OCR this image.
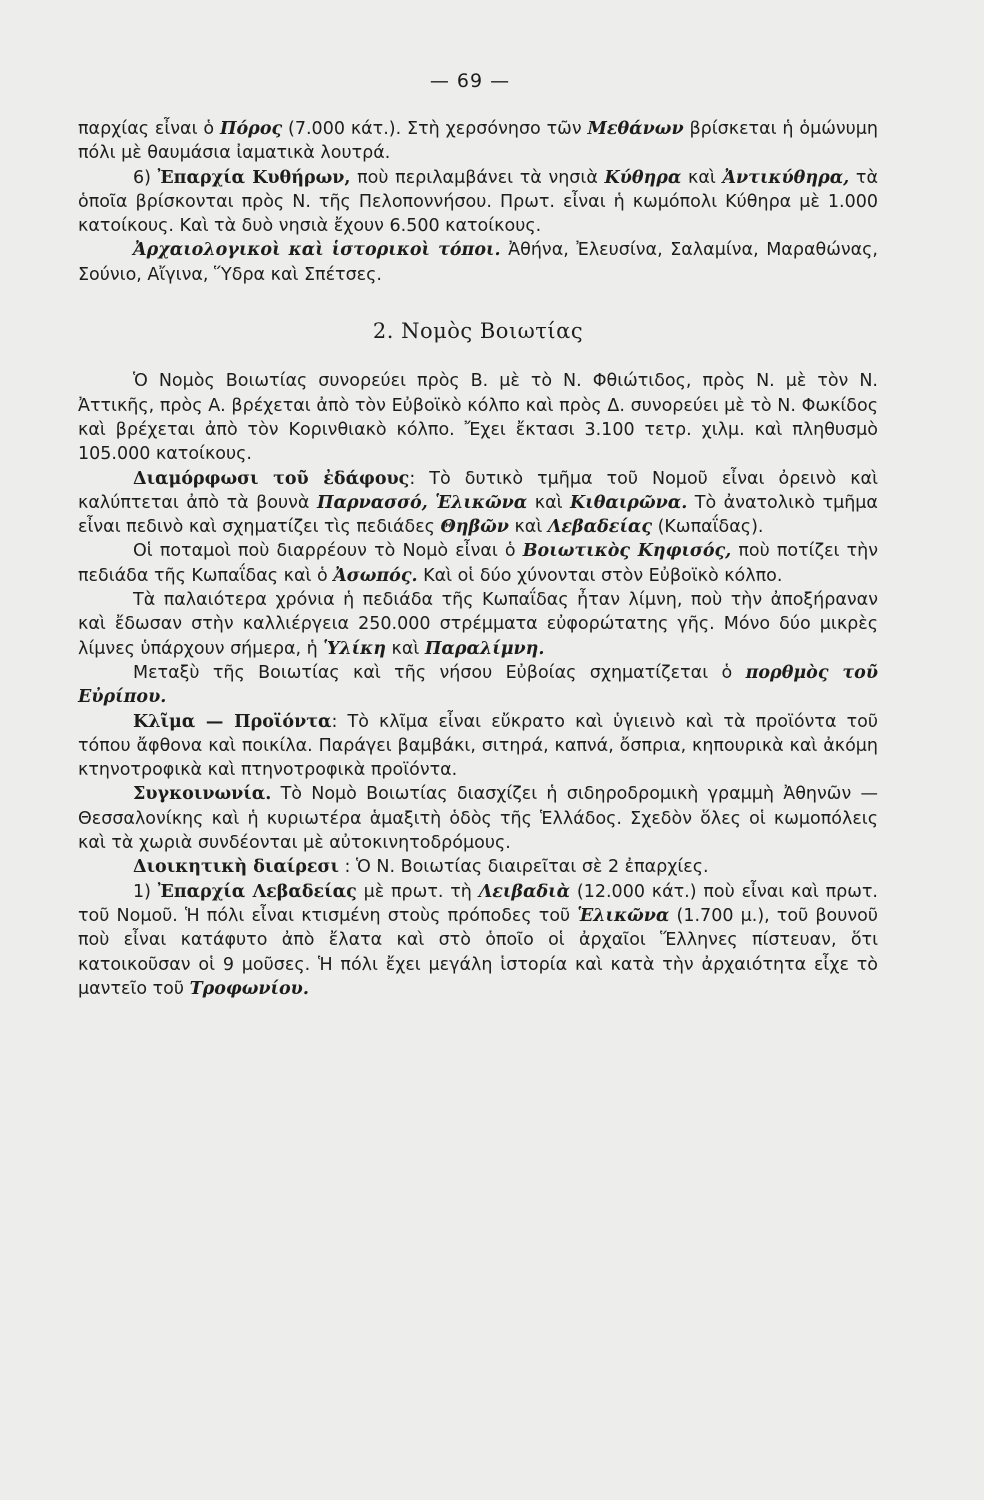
— 69 —

παρχίας εἶναι ὁ Πόρος (7.000 κάτ.). Στὴ χερσόνησο τῶν Μεθάνων βρίσκεται ἡ ὁμώνυμη πόλι μὲ θαυμάσια ἰαματικὰ λουτρά.

6) Ἐπαρχία Κυθήρων, ποὺ περιλαμβάνει τὰ νησιὰ Κύθηρα καὶ Ἀντικύθηρα, τὰ ὁποῖα βρίσκονται πρὸς Ν. τῆς Πελοποννήσου. Πρωτ. εἶναι ἡ κωμόπολι Κύθηρα μὲ 1.000 κατοίκους. Καὶ τὰ δυὸ νησιὰ ἔχουν 6.500 κατοίκους.

Ἀρχαιολογικοὶ καὶ ἱστορικοὶ τόποι. Ἀθήνα, Ἐλευσίνα, Σαλαμίνα, Μαραθώνας, Σούνιο, Αἴγινα, Ὕδρα καὶ Σπέτσες.

2. Νομὸς Βοιωτίας

Ὁ Νομὸς Βοιωτίας συνορεύει πρὸς Β. μὲ τὸ Ν. Φθιώτιδος, πρὸς Ν. μὲ τὸν Ν. Ἀττικῆς, πρὸς Α. βρέχεται ἀπὸ τὸν Εὐβοϊκὸ κόλπο καὶ πρὸς Δ. συνορεύει μὲ τὸ Ν. Φωκίδος καὶ βρέχεται ἀπὸ τὸν Κορινθιακὸ κόλπο. Ἔχει ἔκτασι 3.100 τετρ. χιλμ. καὶ πληθυσμὸ 105.000 κατοίκους.

Διαμόρφωσι τοῦ ἐδάφους: Τὸ δυτικὸ τμῆμα τοῦ Νομοῦ εἶναι ὀρεινὸ καὶ καλύπτεται ἀπὸ τὰ βουνὰ Παρνασσό, Ἑλικῶνα καὶ Κιθαιρῶνα. Τὸ ἀνατολικὸ τμῆμα εἶναι πεδινὸ καὶ σχηματίζει τὶς πεδιάδες Θηβῶν καὶ Λεβαδείας (Κωπαΐδας).

Οἱ ποταμοὶ ποὺ διαρρέουν τὸ Νομὸ εἶναι ὁ Βοιωτικὸς Κηφισός, ποὺ ποτίζει τὴν πεδιάδα τῆς Κωπαΐδας καὶ ὁ Ἀσωπός. Καὶ οἱ δύο χύνονται στὸν Εὐβοϊκὸ κόλπο.

Τὰ παλαιότερα χρόνια ἡ πεδιάδα τῆς Κωπαΐδας ἦταν λίμνη, ποὺ τὴν ἀποξήραναν καὶ ἔδωσαν στὴν καλλιέργεια 250.000 στρέμματα εὐφορώτατης γῆς. Μόνο δύο μικρὲς λίμνες ὑπάρχουν σήμερα, ἡ Ὑλίκη καὶ Παραλίμνη.

Μεταξὺ τῆς Βοιωτίας καὶ τῆς νήσου Εὐβοίας σχηματίζεται ὁ πορθμὸς τοῦ Εὐρίπου.

Κλῖμα — Προϊόντα: Τὸ κλῖμα εἶναι εὔκρατο καὶ ὑγιεινὸ καὶ τὰ προϊόντα τοῦ τόπου ἄφθονα καὶ ποικίλα. Παράγει βαμβάκι, σιτηρά, καπνά, ὄσπρια, κηπουρικὰ καὶ ἀκόμη κτηνοτροφικὰ καὶ πτηνοτροφικὰ προϊόντα.

Συγκοινωνία. Τὸ Νομὸ Βοιωτίας διασχίζει ἡ σιδηροδρομικὴ γραμμὴ Ἀθηνῶν — Θεσσαλονίκης καὶ ἡ κυριωτέρα ἁμαξιτὴ ὁδὸς τῆς Ἑλλάδος. Σχεδὸν ὅλες οἱ κωμοπόλεις καὶ τὰ χωριὰ συνδέονται μὲ αὐτοκινητοδρόμους.

Διοικητικὴ διαίρεσι : Ὁ Ν. Βοιωτίας διαιρεῖται σὲ 2 ἐπαρχίες.

1) Ἐπαρχία Λεβαδείας μὲ πρωτ. τὴ Λειβαδιὰ (12.000 κάτ.) ποὺ εἶναι καὶ πρωτ. τοῦ Νομοῦ. Ἡ πόλι εἶναι κτισμένη στοὺς πρόποδες τοῦ Ἑλικῶνα (1.700 μ.), τοῦ βουνοῦ ποὺ εἶναι κατάφυτο ἀπὸ ἔλατα καὶ στὸ ὁποῖο οἱ ἀρχαῖοι Ἕλληνες πίστευαν, ὅτι κατοικοῦσαν οἱ 9 μοῦσες. Ἡ πόλι ἔχει μεγάλη ἱστορία καὶ κατὰ τὴν ἀρχαιότητα εἶχε τὸ μαντεῖο τοῦ Τροφωνίου.
